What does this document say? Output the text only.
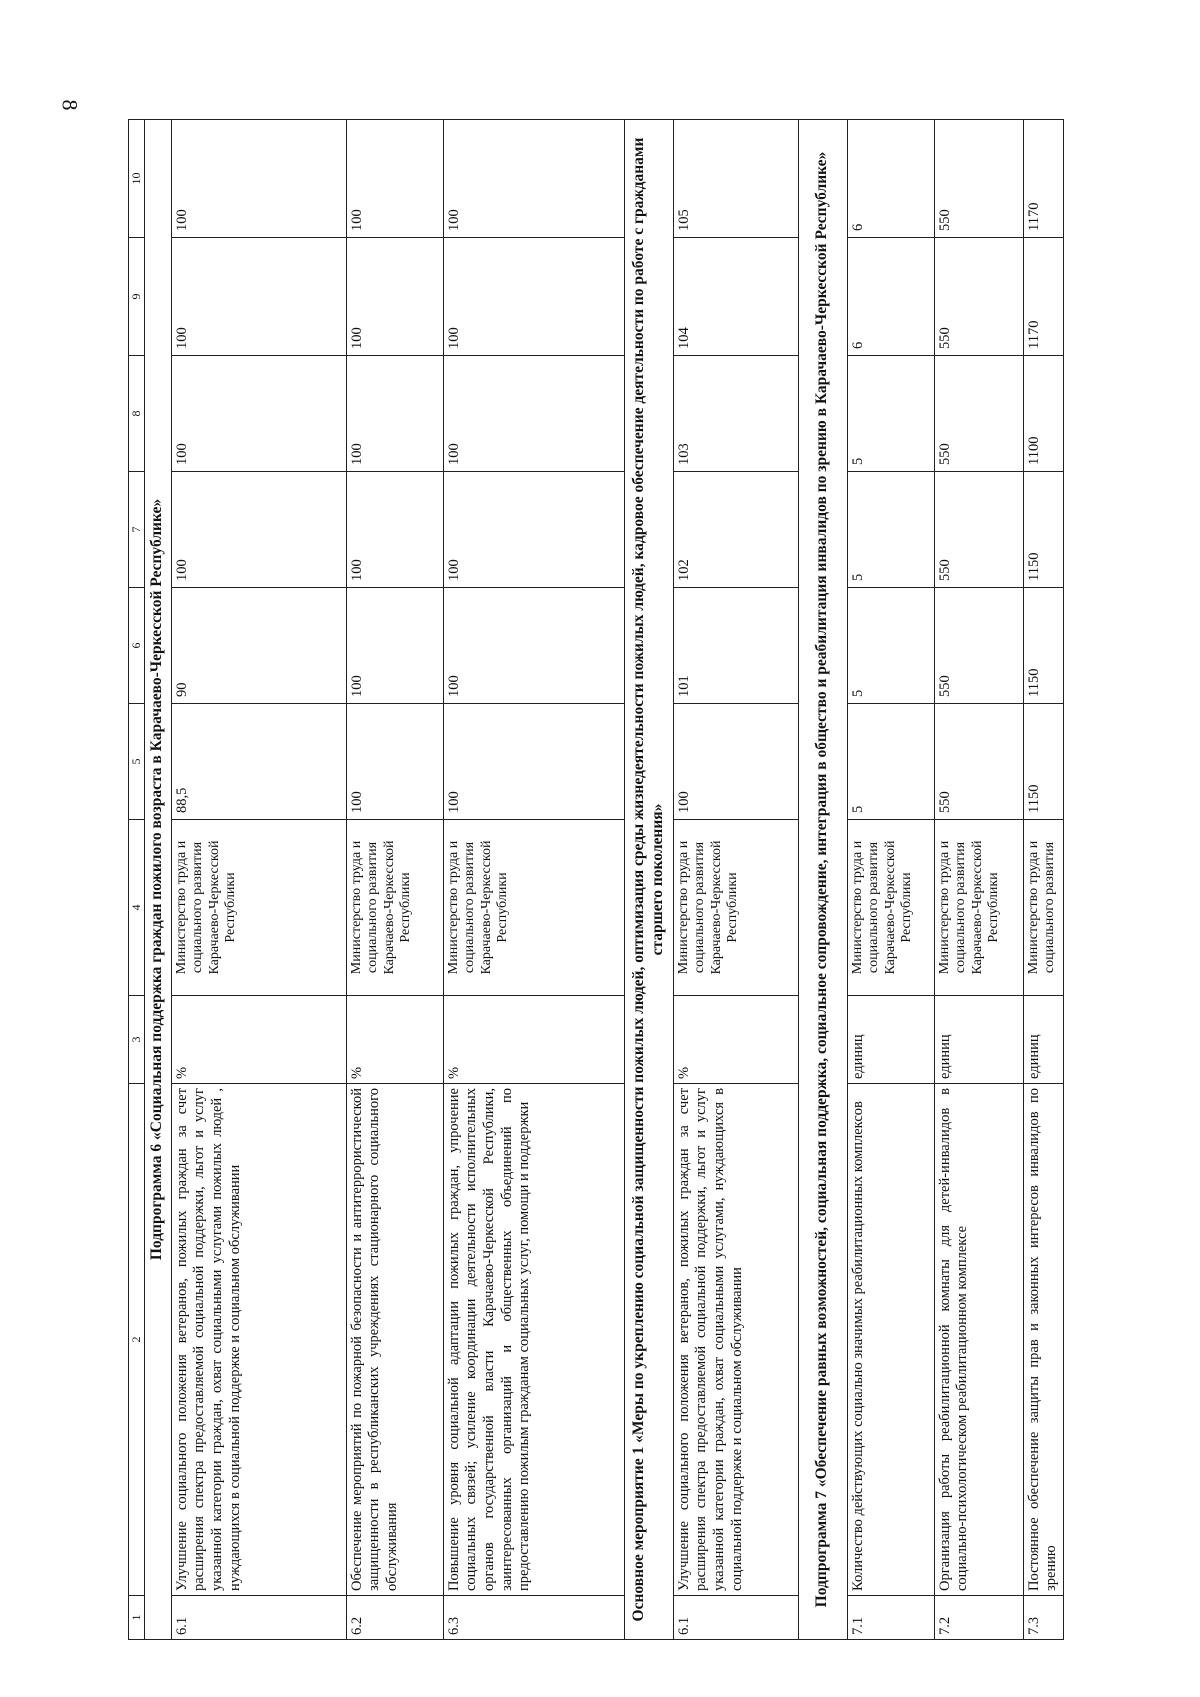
8
1	2	3	4	5	6	7	8	9	10
Подпрограмма 6 «Социальная поддержка граждан пожилого возраста в Карачаево-Черкесской Республике»									
6.1	Улучшение социального положения ветеранов, пожилых граждан за счет расширения спектра предоставляемой социальной поддержки, льгот и услуг указанной категории граждан, охват социальными услугами пожилых людей , нуждающихся в социальной поддержке и социальном обслуживании	%	Министерство труда и социального развития Карачаево-Черкесской Республики	88,5	90	100	100	100	100
6.2	Обеспечение мероприятий по пожарной безопасности и антитеррористической защищенности в республиканских учреждениях стационарного социального обслуживания	%	Министерство труда и социального развития Карачаево-Черкесской Республики	100	100	100	100	100	100
6.3	Повышение уровня социальной адаптации пожилых граждан, упрочение социальных связей; усиление координации деятельности исполнительных органов государственной власти Карачаево-Черкесской Республики, заинтересованных организаций и общественных объединений по предоставлению пожилым гражданам социальных услуг, помощи и поддержки	%	Министерство труда и социального развития Карачаево-Черкесской Республики	100	100	100	100	100	100
Основное мероприятие 1 «Меры по укреплению социальной защищенности пожилых людей, оптимизация среды жизнедеятельности пожилых людей, кадровое обеспечение деятельности по работе с гражданами старшего поколения»									
6.1	Улучшение социального положения ветеранов, пожилых граждан за счет расширения спектра предоставляемой социальной поддержки, льгот и услуг указанной категории граждан, охват социальными услугами, нуждающихся в социальной поддержке и социальном обслуживании	%	Министерство труда и социального развития Карачаево-Черкесской Республики	100	101	102	103	104	105
Подпрограмма 7 «Обеспечение равных возможностей, социальная поддержка, социальное сопровождение, интеграция в общество и реабилитация инвалидов по зрению в Карачаево-Черкесской Республике»									
7.1	Количество действующих социально значимых реабилитационных комплексов	единиц	Министерство труда и социального развития Карачаево-Черкесской Республики	5	5	5	5	6	6
7.2	Организация работы реабилитационной комнаты для детей-инвалидов в социально-психологическом реабилитационном комплексе	единиц	Министерство труда и социального развития Карачаево-Черкесской Республики	550	550	550	550	550	550
7.3	Постоянное обеспечение защиты прав и законных интересов инвалидов по зрению	единиц	Министерство труда и социального развития	1150	1150	1150	1100	1170	1170
